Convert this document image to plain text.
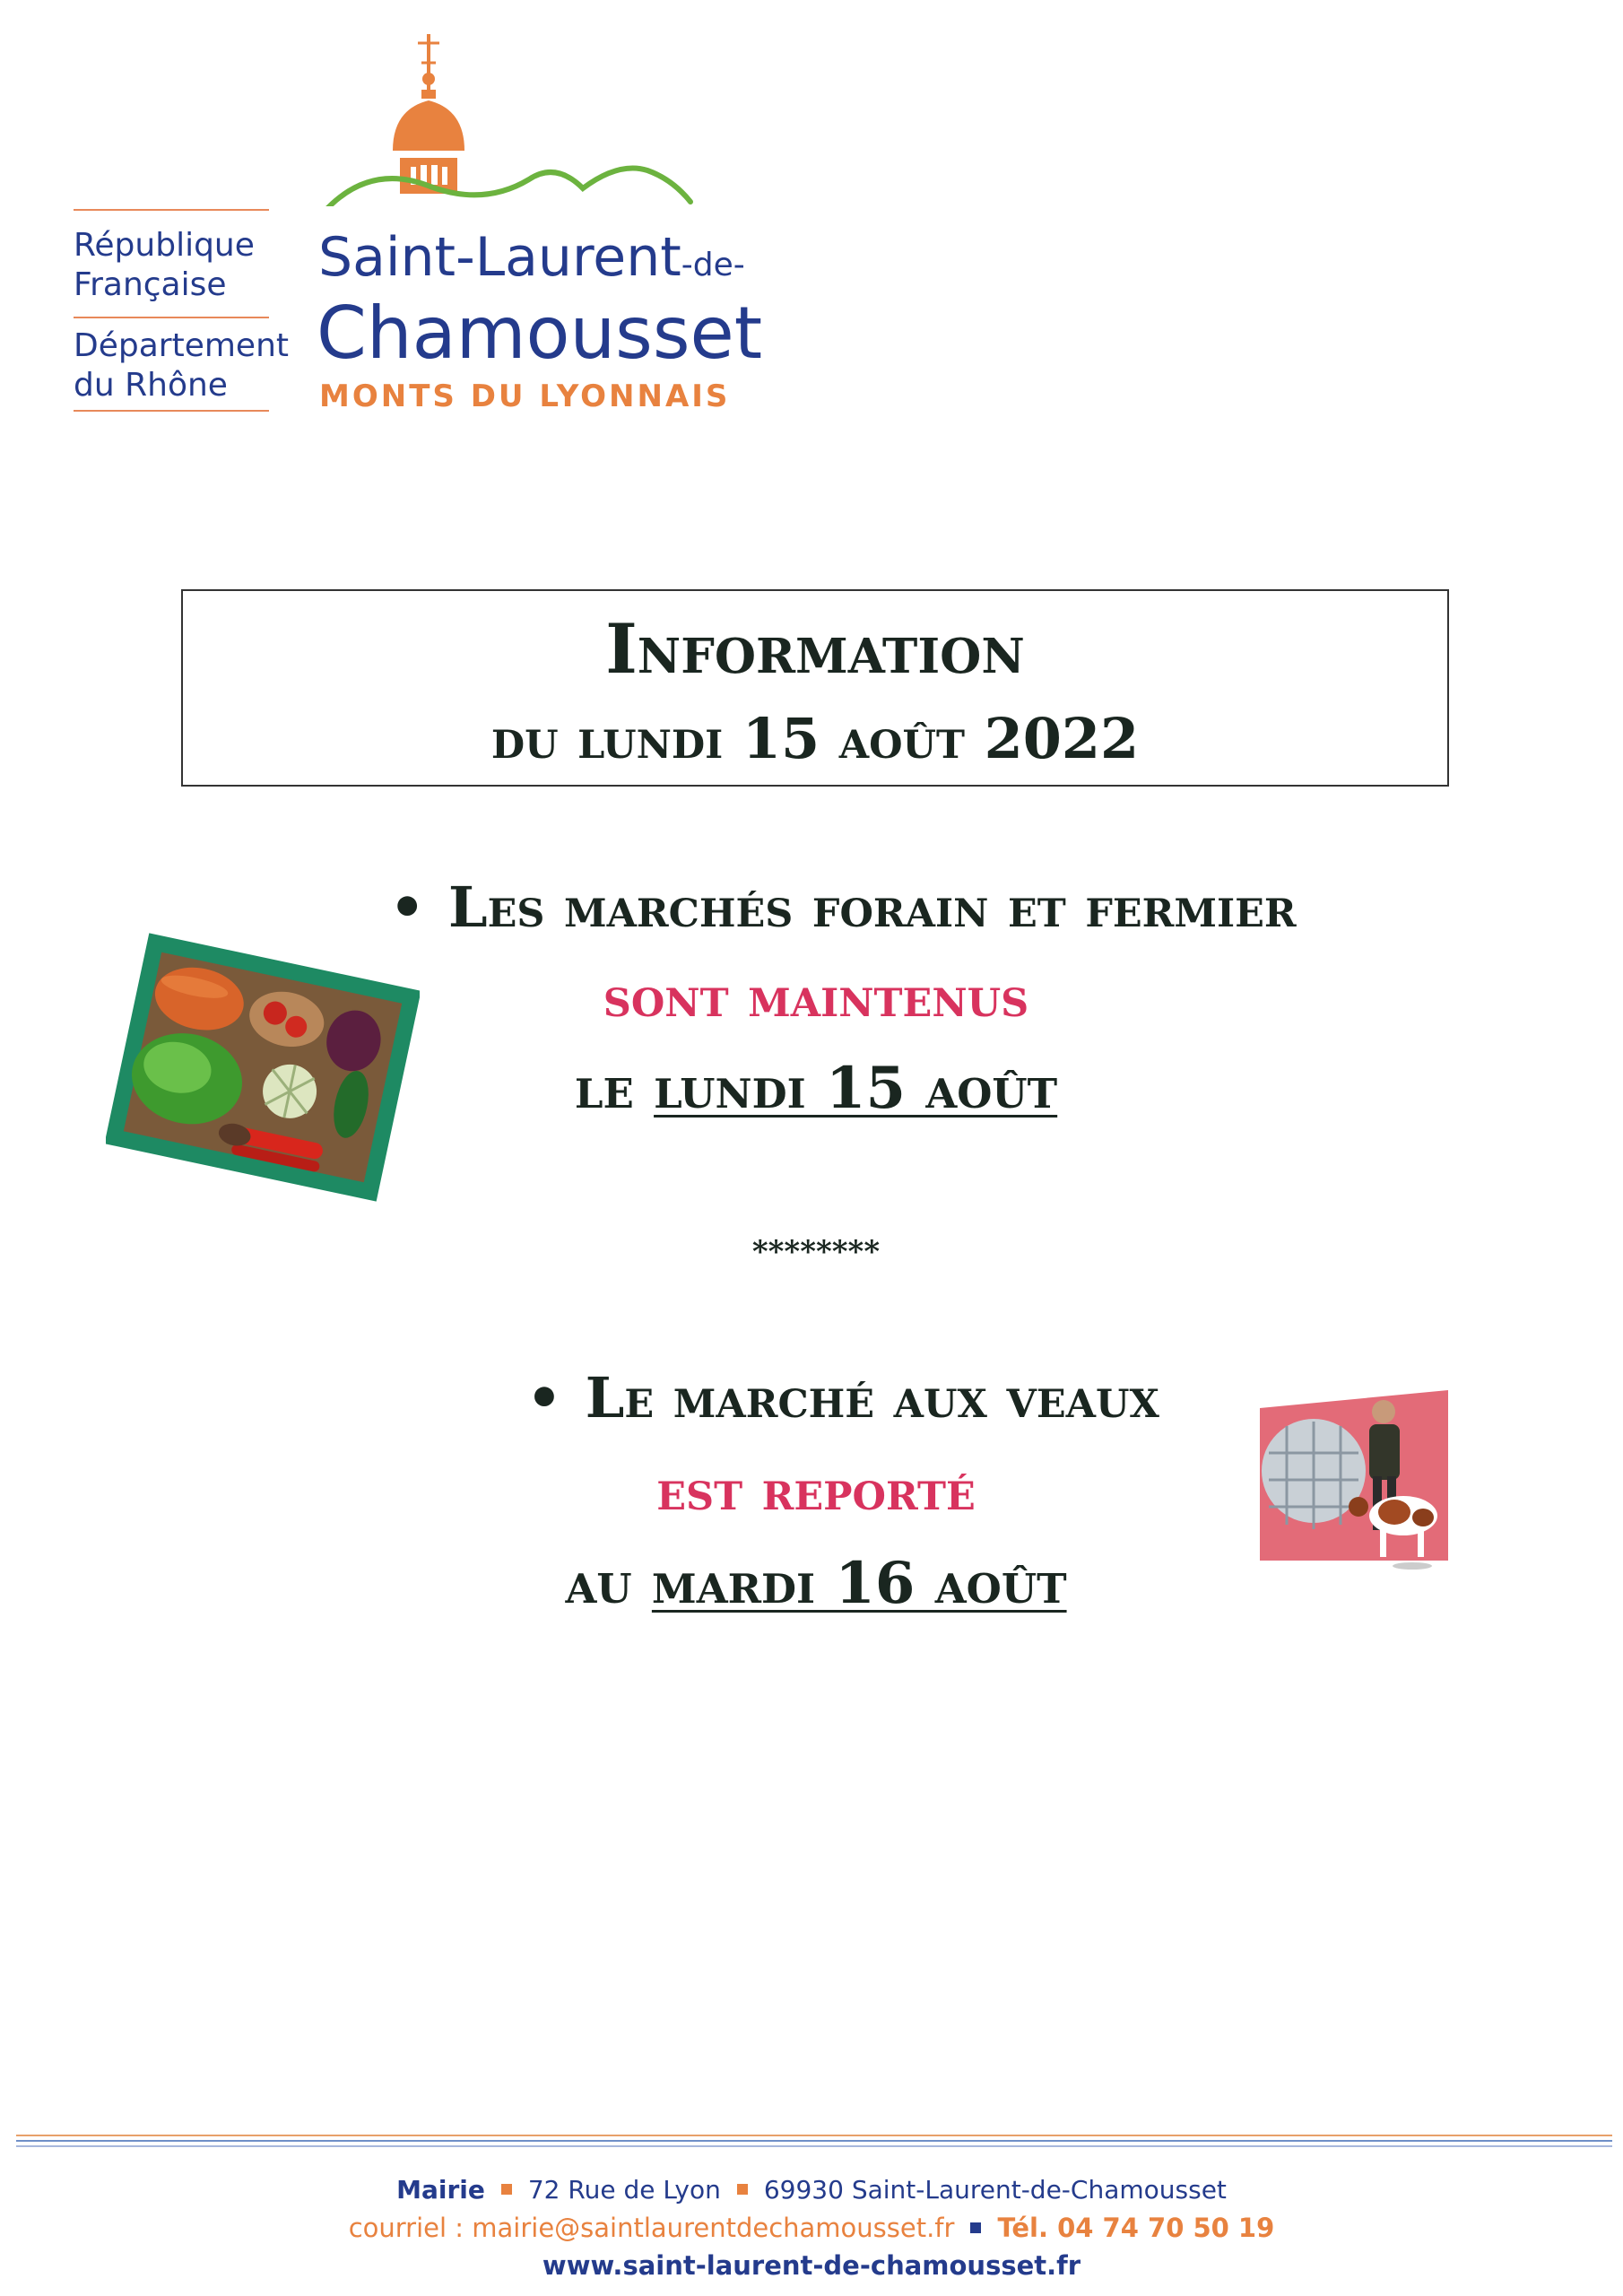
République
Française
Département
du Rhône
Saint-Laurent-de-
Chamousset
MONTS DU LYONNAIS
Information
du lundi 15 août 2022
• Les marchés forain et fermier
sont maintenus
le lundi 15 août
********
• Le marché aux veaux
est reporté
au mardi 16 août
Mairie 72 Rue de Lyon 69930 Saint-Laurent-de-Chamousset
courriel : mairie@saintlaurentdechamousset.fr Tél. 04 74 70 50 19
www.saint-laurent-de-chamousset.fr
